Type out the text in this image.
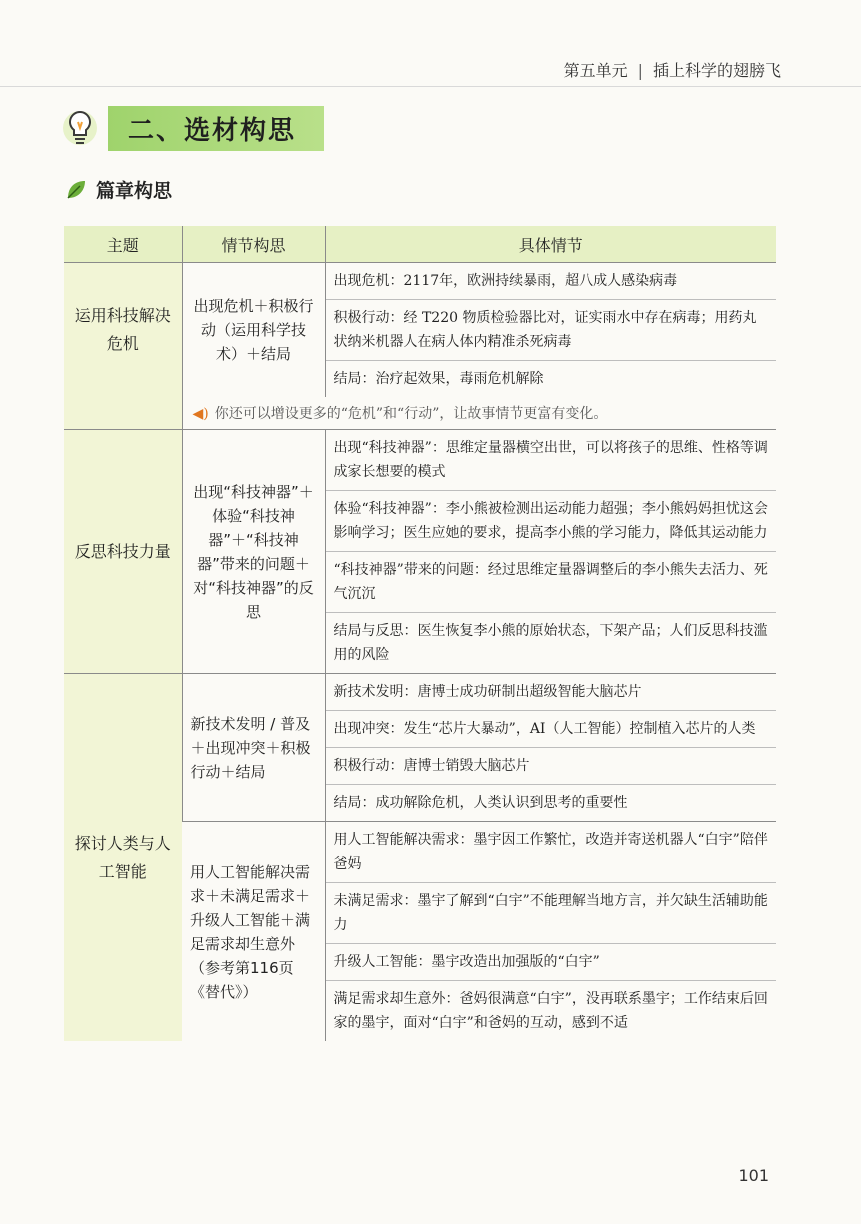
第五单元 | 插上科学的翅膀飞
二、选材构思
篇章构思
主题	情节构思	具体情节
运用科技解决危机	出现危机＋积极行动（运用科学技术）＋结局	出现危机：2117年，欧洲持续暴雨，超八成人感染病毒
积极行动：经 T220 物质检验器比对，证实雨水中存在病毒；用药丸状纳米机器人在病人体内精准杀死病毒
结局：治疗起效果，毒雨危机解除

	◀) 你还可以增设更多的“危机”和“行动”，让故事情节更富有变化。	
反思科技力量	出现“科技神器”＋体验“科技神器”＋“科技神器”带来的问题＋对“科技神器”的反思	出现“科技神器”：思维定量器横空出世，可以将孩子的思维、性格等调成家长想要的模式
体验“科技神器”：李小熊被检测出运动能力超强；李小熊妈妈担忧这会影响学习；医生应她的要求，提高李小熊的学习能力，降低其运动能力
“科技神器”带来的问题：经过思维定量器调整后的李小熊失去活力、死气沉沉
结局与反思：医生恢复李小熊的原始状态，下架产品；人们反思科技滥用的风险

探讨人类与人工智能	新技术发明 / 普及＋出现冲突＋积极行动＋结局	新技术发明：唐博士成功研制出超级智能大脑芯片
出现冲突：发生“芯片大暴动”，AI（人工智能）控制植入芯片的人类
积极行动：唐博士销毁大脑芯片
结局：成功解除危机，人类认识到思考的重要性

	用人工智能解决需求＋未满足需求＋升级人工智能＋满足需求却生意外（参考第116页《替代》）	用人工智能解决需求：墨宇因工作繁忙，改造并寄送机器人“白宇”陪伴爸妈
未满足需求：墨宇了解到“白宇”不能理解当地方言，并欠缺生活辅助能力
升级人工智能：墨宇改造出加强版的“白宇”
满足需求却生意外：爸妈很满意“白宇”，没再联系墨宇；工作结束后回家的墨宇，面对“白宇”和爸妈的互动，感到不适
101
